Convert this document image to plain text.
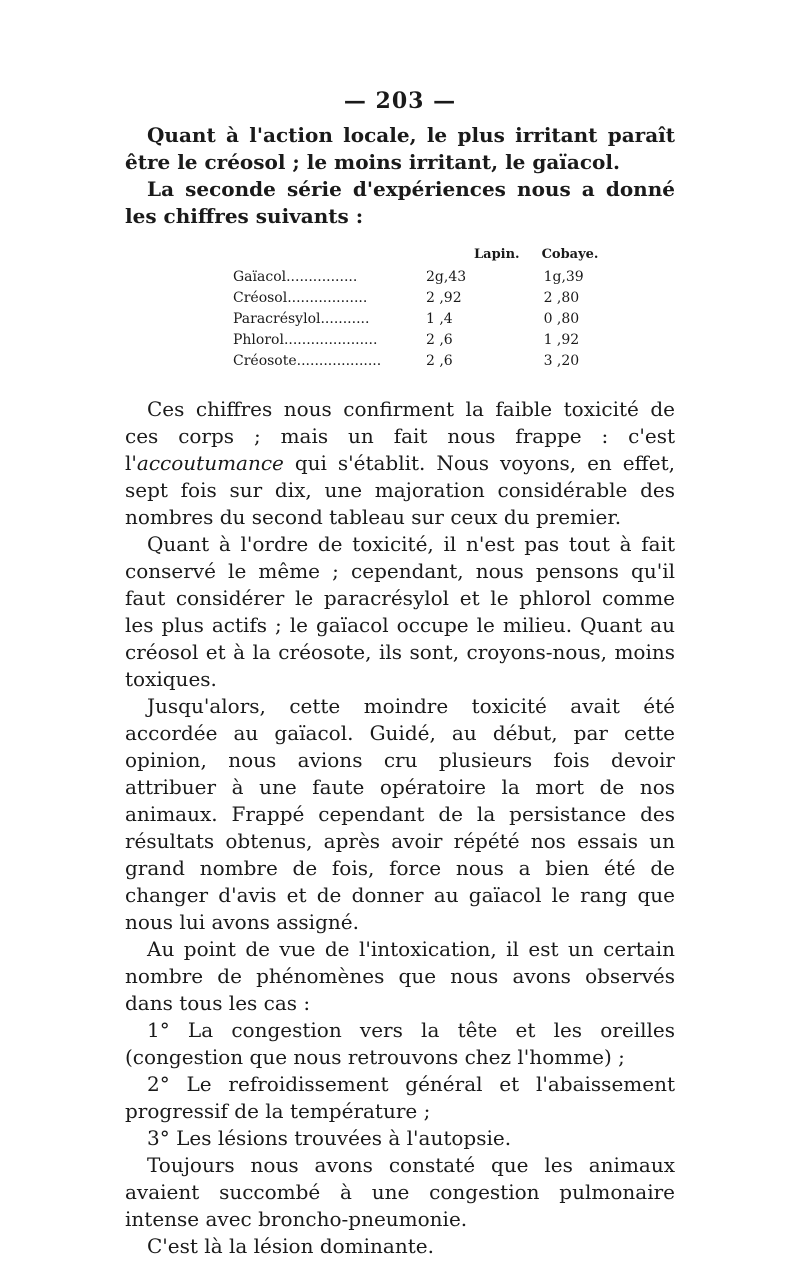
— 203 —

Quant à l'action locale, le plus irritant paraît être le créosol ; le moins irritant, le gaïacol.

La seconde série d'expériences nous a donné les chiffres suivants :

	Lapin.	Cobaye.
Gaïacol................	2g,43	1g,39
Créosol..................	2 ,92	2 ,80
Paracrésylol...........	1 ,4	0 ,80
Phlorol.....................	2 ,6	1 ,92
Créosote...................	2 ,6	3 ,20

Ces chiffres nous confirment la faible toxicité de ces corps ; mais un fait nous frappe : c'est l'accoutumance qui s'établit. Nous voyons, en effet, sept fois sur dix, une majoration considérable des nombres du second tableau sur ceux du premier.

Quant à l'ordre de toxicité, il n'est pas tout à fait conservé le même ; cependant, nous pensons qu'il faut considérer le paracrésylol et le phlorol comme les plus actifs ; le gaïacol occupe le milieu. Quant au créosol et à la créosote, ils sont, croyons-nous, moins toxiques.

Jusqu'alors, cette moindre toxicité avait été accordée au gaïacol. Guidé, au début, par cette opinion, nous avions cru plusieurs fois devoir attribuer à une faute opératoire la mort de nos animaux. Frappé cependant de la persistance des résultats obtenus, après avoir répété nos essais un grand nombre de fois, force nous a bien été de changer d'avis et de donner au gaïacol le rang que nous lui avons assigné.

Au point de vue de l'intoxication, il est un certain nombre de phénomènes que nous avons observés dans tous les cas :

1° La congestion vers la tête et les oreilles (congestion que nous retrouvons chez l'homme) ;

2° Le refroidissement général et l'abaissement progressif de la température ;

3° Les lésions trouvées à l'autopsie.

Toujours nous avons constaté que les animaux avaient succombé à une congestion pulmonaire intense avec broncho-pneumonie.

C'est là la lésion dominante.
